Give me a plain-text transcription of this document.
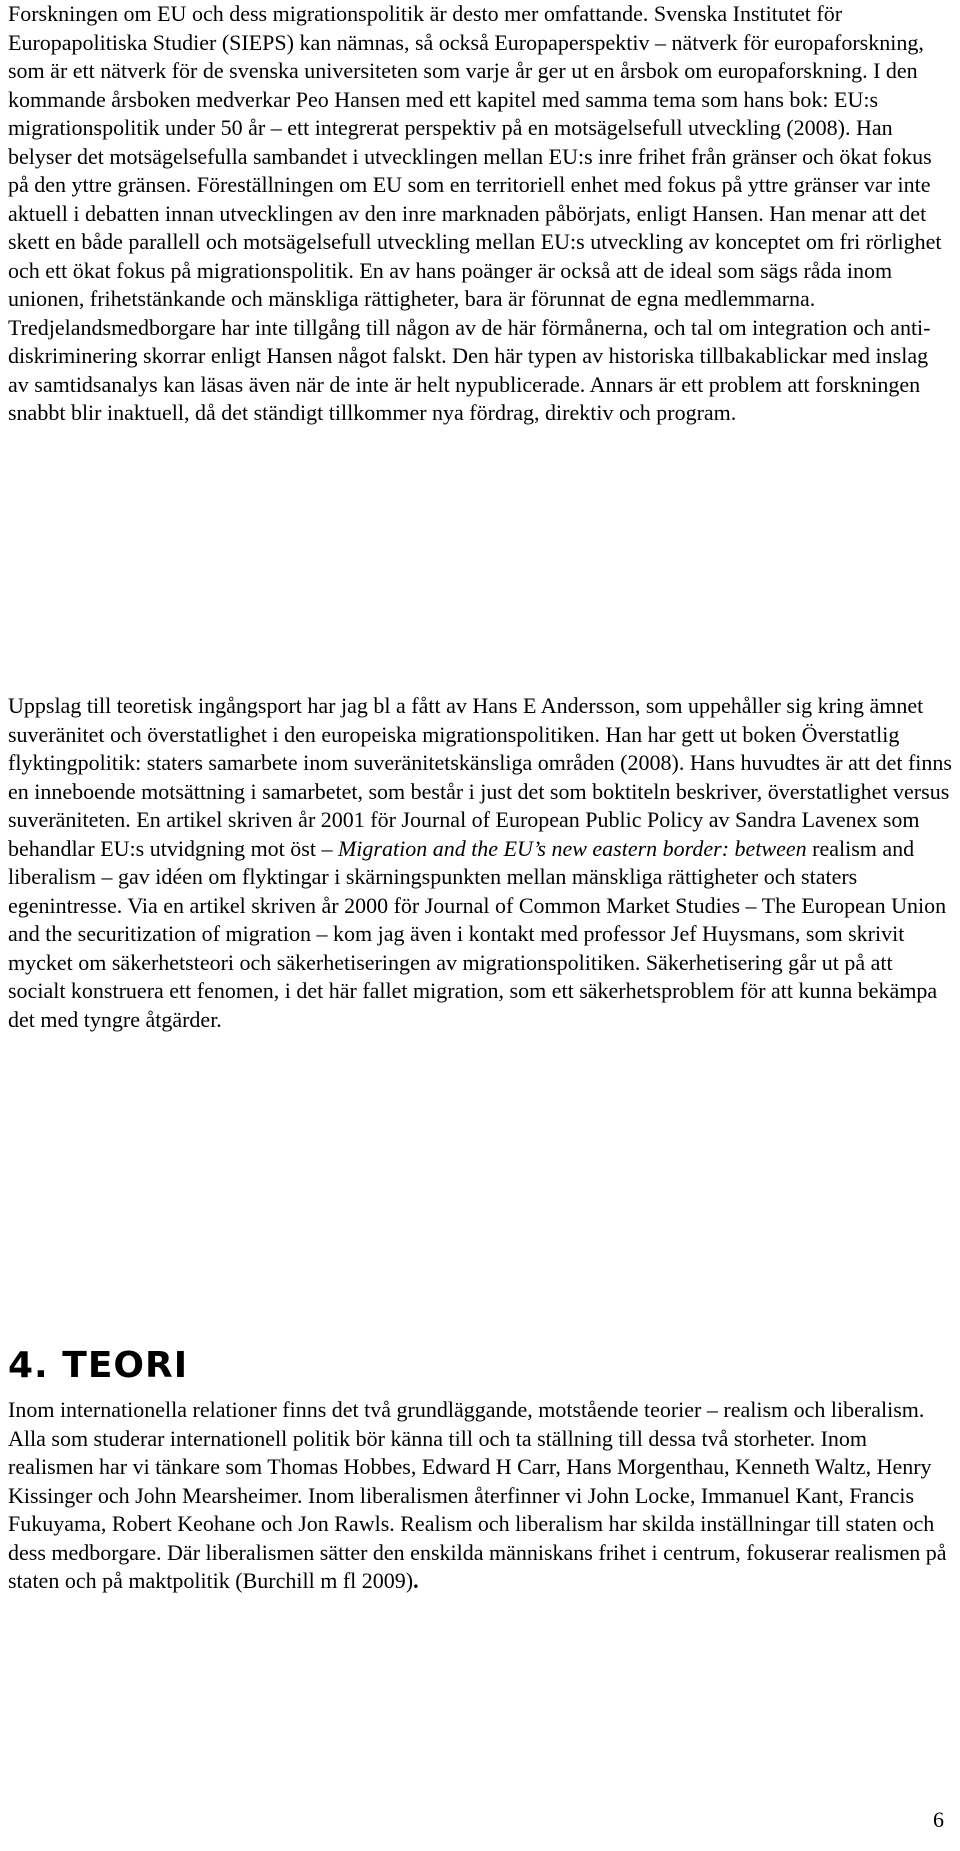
Forskningen om EU och dess migrationspolitik är desto mer omfattande. Svenska Institutet för Europapolitiska Studier (SIEPS) kan nämnas, så också Europaperspektiv – nätverk för europaforskning, som är ett nätverk för de svenska universiteten som varje år ger ut en årsbok om europaforskning. I den kommande årsboken medverkar Peo Hansen med ett kapitel med samma tema som hans bok: EU:s migrationspolitik under 50 år – ett integrerat perspektiv på en motsägelsefull utveckling (2008). Han belyser det motsägelsefulla sambandet i utvecklingen mellan EU:s inre frihet från gränser och ökat fokus på den yttre gränsen. Föreställningen om EU som en territoriell enhet med fokus på yttre gränser var inte aktuell i debatten innan utvecklingen av den inre marknaden påbörjats, enligt Hansen. Han menar att det skett en både parallell och motsägelsefull utveckling mellan EU:s utveckling av konceptet om fri rörlighet och ett ökat fokus på migrationspolitik. En av hans poänger är också att de ideal som sägs råda inom unionen, frihetstänkande och mänskliga rättigheter, bara är förunnat de egna medlemmarna. Tredjelandsmedborgare har inte tillgång till någon av de här förmånerna, och tal om integration och anti-diskriminering skorrar enligt Hansen något falskt. Den här typen av historiska tillbakablickar med inslag av samtidsanalys kan läsas även när de inte är helt nypublicerade. Annars är ett problem att forskningen snabbt blir inaktuell, då det ständigt tillkommer nya fördrag, direktiv och program.

Uppslag till teoretisk ingångsport har jag bl a fått av Hans E Andersson, som uppehåller sig kring ämnet suveränitet och överstatlighet i den europeiska migrationspolitiken. Han har gett ut boken Överstatlig flyktingpolitik: staters samarbete inom suveränitetskänsliga områden (2008). Hans huvudtes är att det finns en inneboende motsättning i samarbetet, som består i just det som boktiteln beskriver, överstatlighet versus suveräniteten. En artikel skriven år 2001 för Journal of European Public Policy av Sandra Lavenex som behandlar EU:s utvidgning mot öst – Migration and the EU’s new eastern border: between realism and liberalism – gav idéen om flyktingar i skärningspunkten mellan mänskliga rättigheter och staters egenintresse. Via en artikel skriven år 2000 för Journal of Common Market Studies – The European Union and the securitization of migration – kom jag även i kontakt med professor Jef Huysmans, som skrivit mycket om säkerhetsteori och säkerhetiseringen av migrationspolitiken. Säkerhetisering går ut på att socialt konstruera ett fenomen, i det här fallet migration, som ett säkerhetsproblem för att kunna bekämpa det med tyngre åtgärder.

4. TEORI

Inom internationella relationer finns det två grundläggande, motstående teorier – realism och liberalism. Alla som studerar internationell politik bör känna till och ta ställning till dessa två storheter. Inom realismen har vi tänkare som Thomas Hobbes, Edward H Carr, Hans Morgenthau, Kenneth Waltz, Henry Kissinger och John Mearsheimer. Inom liberalismen återfinner vi John Locke, Immanuel Kant, Francis Fukuyama, Robert Keohane och Jon Rawls. Realism och liberalism har skilda inställningar till staten och dess medborgare. Där liberalismen sätter den enskilda människans frihet i centrum, fokuserar realismen på staten och på maktpolitik (Burchill m fl 2009).

6
